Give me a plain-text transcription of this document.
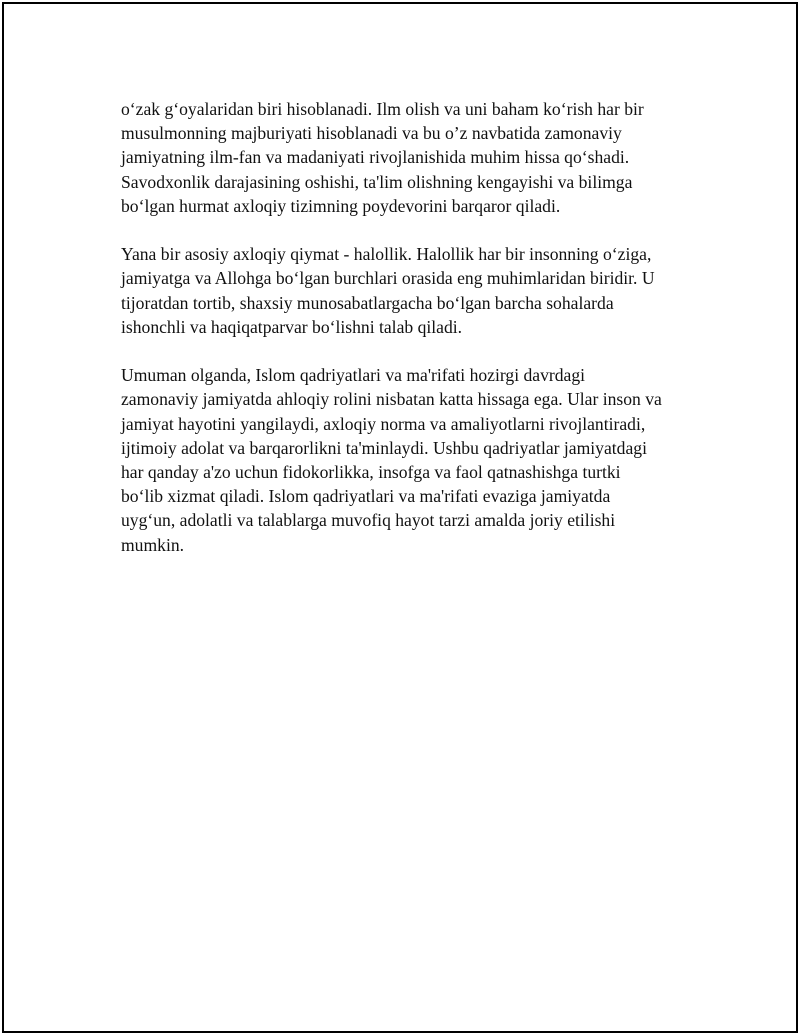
o‘zak g‘oyalaridan biri hisoblanadi. Ilm olish va uni baham ko‘rish har bir
musulmonning majburiyati hisoblanadi va bu o’z navbatida zamonaviy
jamiyatning ilm-fan va madaniyati rivojlanishida muhim hissa qo‘shadi.
Savodxonlik darajasining oshishi, ta'lim olishning kengayishi va bilimga
bo‘lgan hurmat axloqiy tizimning poydevorini barqaror qiladi.

Yana bir asosiy axloqiy qiymat - halollik. Halollik har bir insonning o‘ziga,
jamiyatga va Allohga bo‘lgan burchlari orasida eng muhimlaridan biridir. U
tijoratdan tortib, shaxsiy munosabatlargacha bo‘lgan barcha sohalarda
ishonchli va haqiqatparvar bo‘lishni talab qiladi.

Umuman olganda, Islom qadriyatlari va ma'rifati hozirgi davrdagi
zamonaviy jamiyatda ahloqiy rolini nisbatan katta hissaga ega. Ular inson va
jamiyat hayotini yangilaydi, axloqiy norma va amaliyotlarni rivojlantiradi,
ijtimoiy adolat va barqarorlikni ta'minlaydi. Ushbu qadriyatlar jamiyatdagi
har qanday a'zo uchun fidokorlikka, insofga va faol qatnashishga turtki
bo‘lib xizmat qiladi. Islom qadriyatlari va ma'rifati evaziga jamiyatda
uyg‘un, adolatli va talablarga muvofiq hayot tarzi amalda joriy etilishi
mumkin.
